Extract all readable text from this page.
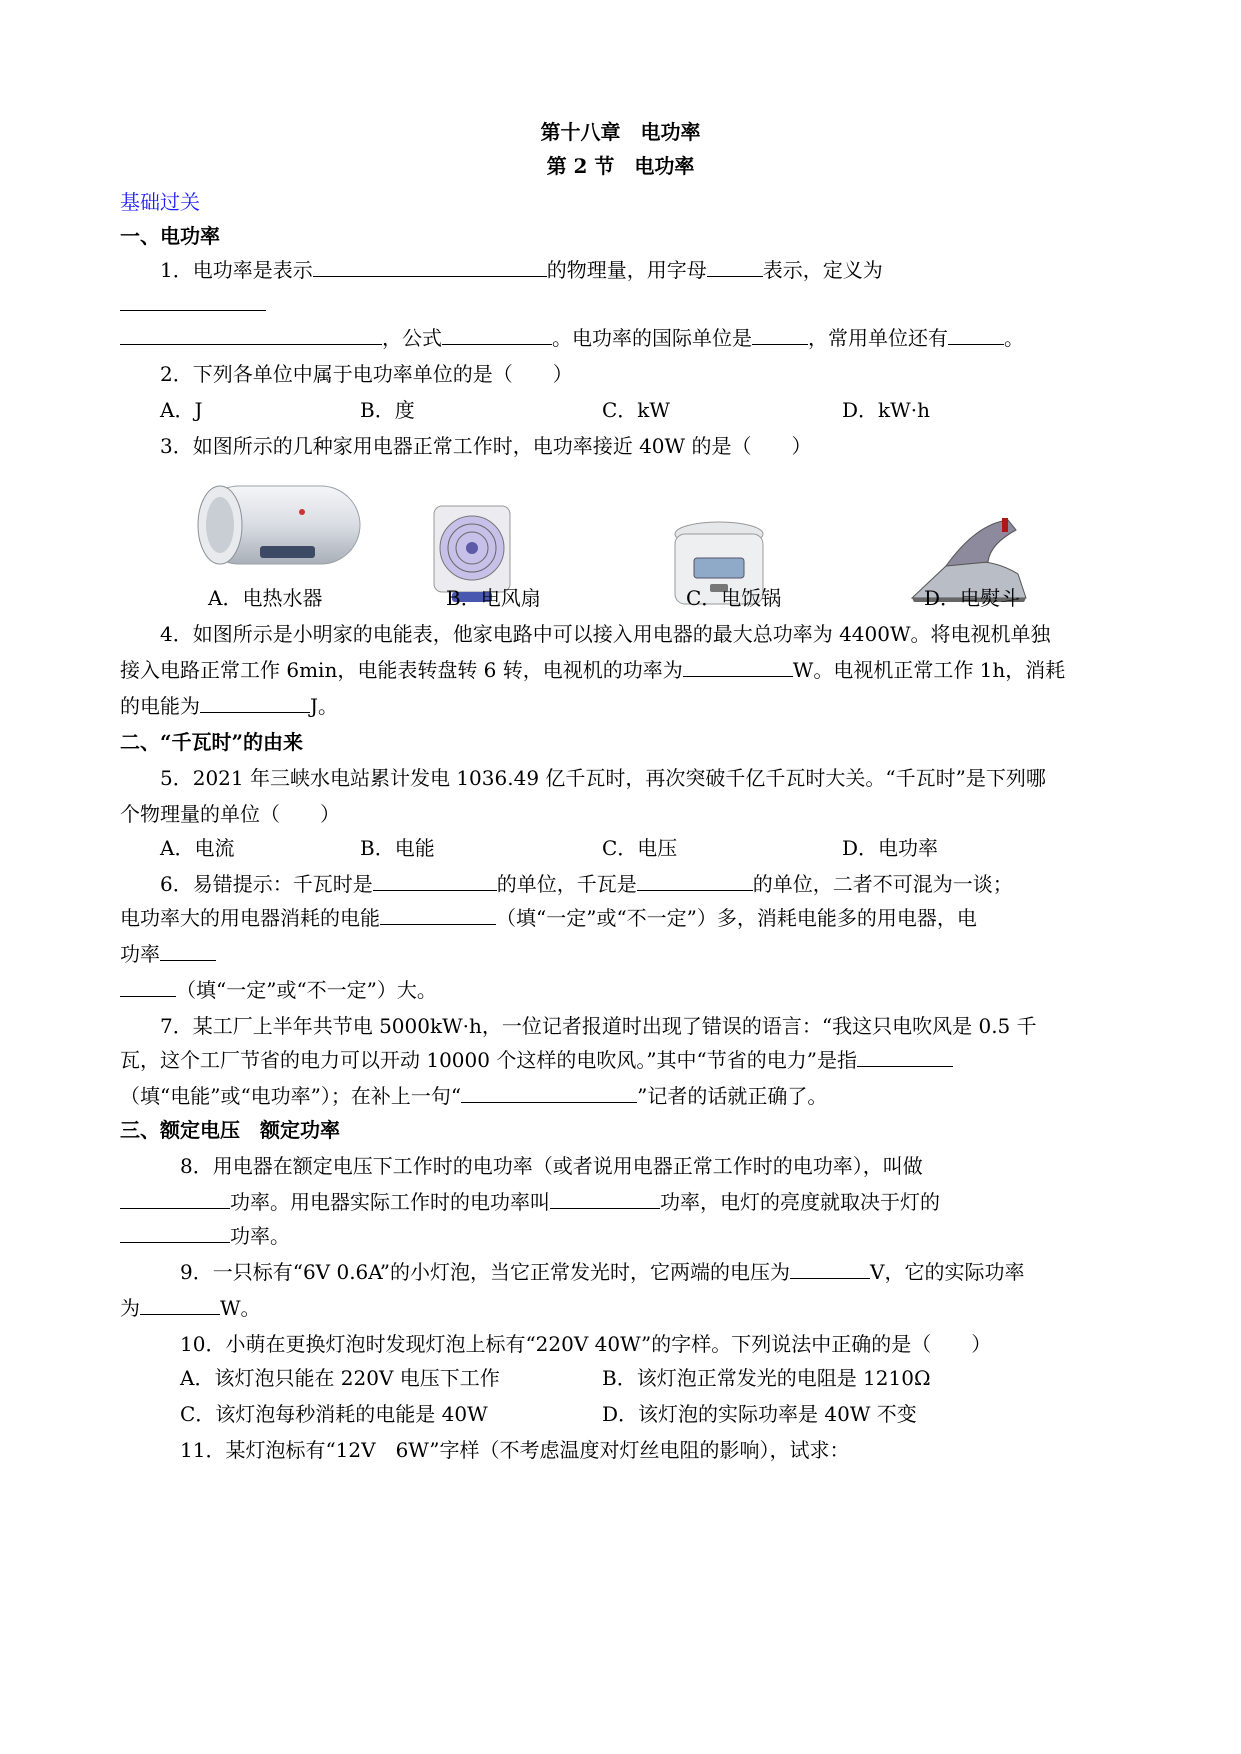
第十八章　电功率
第 2 节　电功率
基础过关
一、电功率
1．电功率是表示	的物理量，用字母	表示，定义为
，公式	。电功率的国际单位是	，常用单位还有	。
2．下列各单位中属于电功率单位的是（　　）
A．J	B．度	C．kW	D．kW·h
3．如图所示的几种家用电器正常工作时，电功率接近 40W 的是（　　）
A．电热水器	B．电风扇	C．电饭锅	D．电熨斗
4．如图所示是小明家的电能表，他家电路中可以接入用电器的最大总功率为 4400W。将电视机单独
接入电路正常工作 6min，电能表转盘转 6 转，电视机的功率为	W。电视机正常工作 1h，消耗
的电能为	J。
二、“千瓦时”的由来
5．2021 年三峡水电站累计发电 1036.49 亿千瓦时，再次突破千亿千瓦时大关。“千瓦时”是下列哪
个物理量的单位（　　）
A．电流	B．电能	C．电压	D．电功率
6．易错提示：千瓦时是	的单位，千瓦是	的单位，二者不可混为一谈；
电功率大的用电器消耗的电能	（填“一定”或“不一定”）多，消耗电能多的用电器，电
功率
（填“一定”或“不一定”）大。
7．某工厂上半年共节电 5000kW·h，一位记者报道时出现了错误的语言：“我这只电吹风是 0.5 千
瓦，这个工厂节省的电力可以开动 10000 个这样的电吹风。”其中“节省的电力”是指
（填“电能”或“电功率”）；在补上一句“	”记者的话就正确了。
三、额定电压　额定功率
8．用电器在额定电压下工作时的电功率（或者说用电器正常工作时的电功率），叫做
功率。用电器实际工作时的电功率叫	功率，电灯的亮度就取决于灯的
功率。
9．一只标有“6V 0.6A”的小灯泡，当它正常发光时，它两端的电压为	V，它的实际功率
为	W。
10．小萌在更换灯泡时发现灯泡上标有“220V 40W”的字样。下列说法中正确的是（　　）
A．该灯泡只能在 220V 电压下工作	B．该灯泡正常发光的电阻是 1210Ω
C．该灯泡每秒消耗的电能是 40W	D．该灯泡的实际功率是 40W 不变
11．某灯泡标有“12V　6W”字样（不考虑温度对灯丝电阻的影响），试求：
